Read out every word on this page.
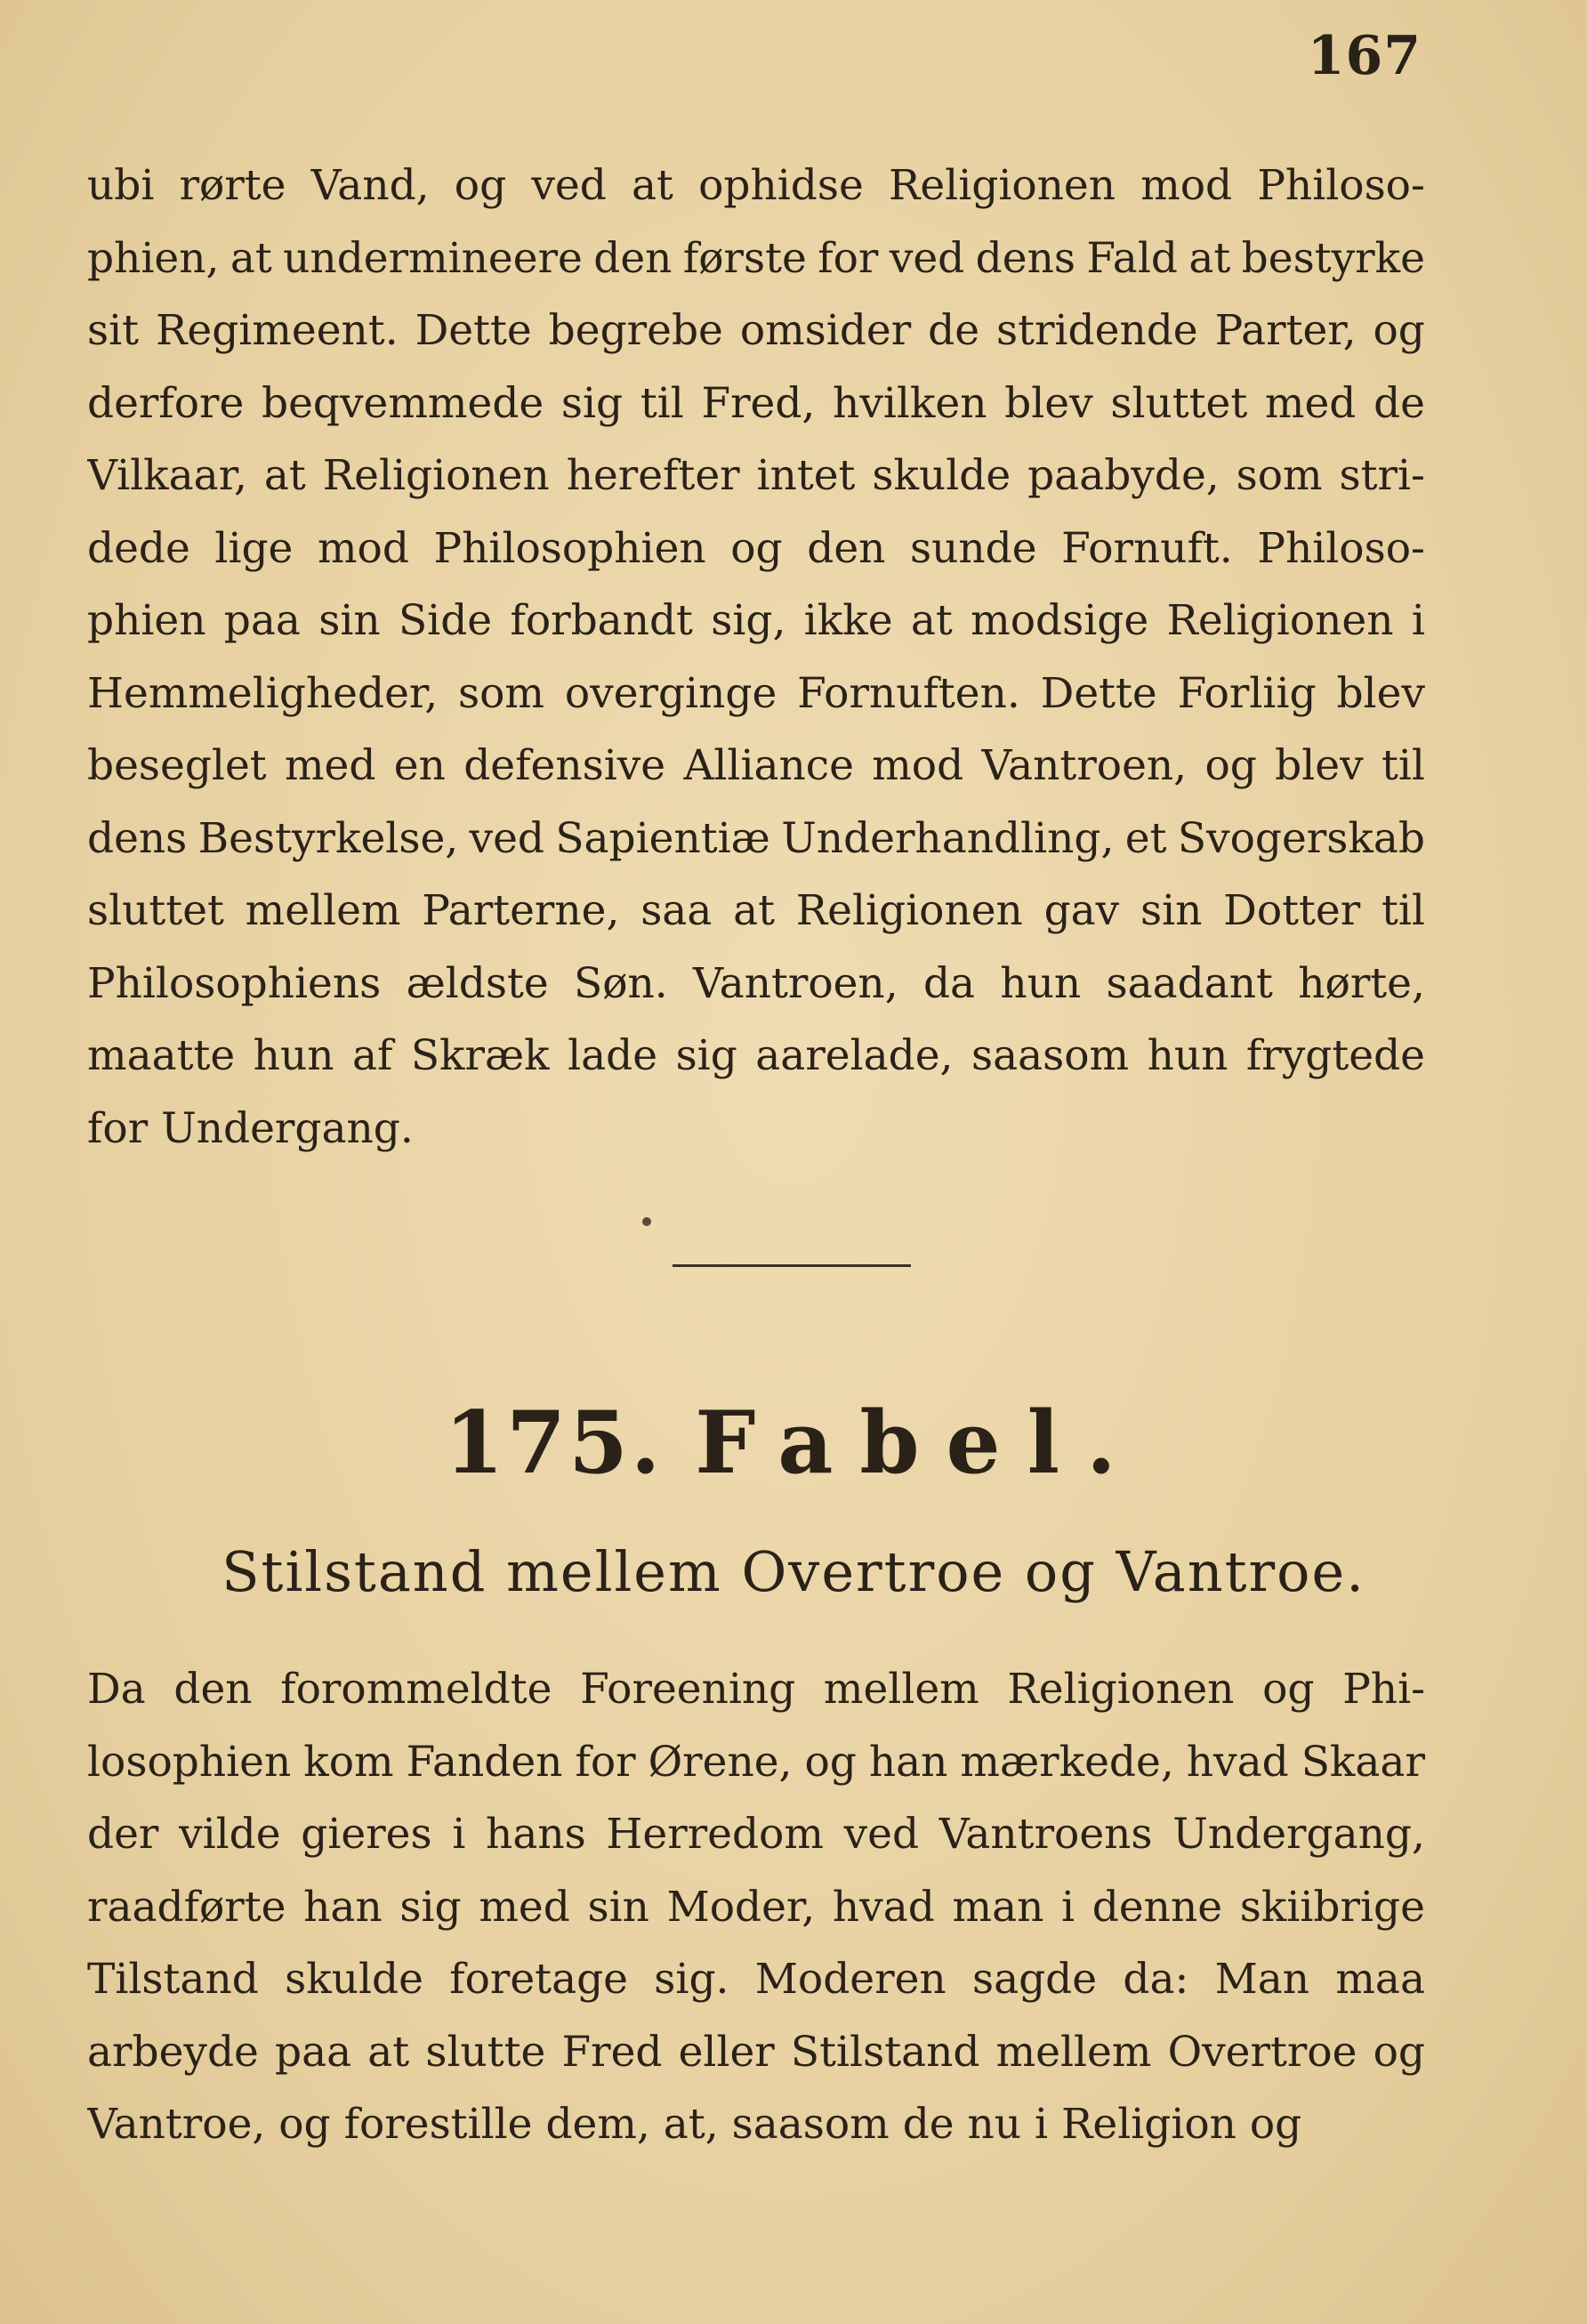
167
ubi rørte Vand, og ved at ophidse Religionen mod Philoso-
phien, at undermineere den første for ved dens Fald at bestyrke
sit Regimeent. Dette begrebe omsider de stridende Parter, og
derfore beqvemmede sig til Fred, hvilken blev sluttet med de
Vilkaar, at Religionen herefter intet skulde paabyde, som stri-
dede lige mod Philosophien og den sunde Fornuft. Philoso-
phien paa sin Side forbandt sig, ikke at modsige Religionen i
Hemmeligheder, som overginge Fornuften. Dette Forliig blev
beseglet med en defensive Alliance mod Vantroen, og blev til
dens Bestyrkelse, ved Sapientiæ Underhandling, et Svogerskab
sluttet mellem Parterne, saa at Religionen gav sin Dotter til
Philosophiens ældste Søn. Vantroen, da hun saadant hørte,
maatte hun af Skræk lade sig aarelade, saasom hun frygtede
for Undergang.
175. Fabel.
Stilstand mellem Overtroe og Vantroe.
Da den forommeldte Foreening mellem Religionen og Phi-
losophien kom Fanden for Ørene, og han mærkede, hvad Skaar
der vilde gieres i hans Herredom ved Vantroens Undergang,
raadførte han sig med sin Moder, hvad man i denne skiibrige
Tilstand skulde foretage sig. Moderen sagde da: Man maa
arbeyde paa at slutte Fred eller Stilstand mellem Overtroe og
Vantroe, og forestille dem, at, saasom de nu i Religion og
